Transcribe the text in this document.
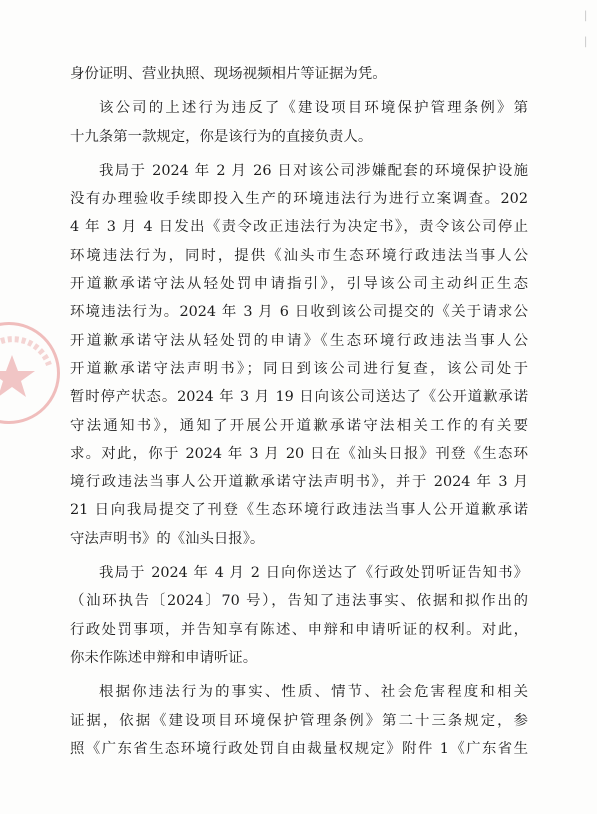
身份证明、营业执照、现场视频相片等证据为凭。
该公司的上述行为违反了《建设项目环境保护管理条例》第
十九条第一款规定，你是该行为的直接负责人。
我局于 2024 年 2 月 26 日对该公司涉嫌配套的环境保护设施
没有办理验收手续即投入生产的环境违法行为进行立案调查。202
4 年 3 月 4 日发出《责令改正违法行为决定书》，责令该公司停止
环境违法行为，同时，提供《汕头市生态环境行政违法当事人公
开道歉承诺守法从轻处罚申请指引》，引导该公司主动纠正生态
环境违法行为。2024 年 3 月 6 日收到该公司提交的《关于请求公
开道歉承诺守法从轻处罚的申请》《生态环境行政违法当事人公
开道歉承诺守法声明书》；同日到该公司进行复查，该公司处于
暂时停产状态。2024 年 3 月 19 日向该公司送达了《公开道歉承诺
守法通知书》，通知了开展公开道歉承诺守法相关工作的有关要
求。对此，你于 2024 年 3 月 20 日在《汕头日报》刊登《生态环
境行政违法当事人公开道歉承诺守法声明书》，并于 2024 年 3 月
21 日向我局提交了刊登《生态环境行政违法当事人公开道歉承诺
守法声明书》的《汕头日报》。
我局于 2024 年 4 月 2 日向你送达了《行政处罚听证告知书》
（汕环执告〔2024〕70 号），告知了违法事实、依据和拟作出的
行政处罚事项，并告知享有陈述、申辩和申请听证的权利。对此，
你未作陈述申辩和申请听证。
根据你违法行为的事实、性质、情节、社会危害程度和相关
证据，依据《建设项目环境保护管理条例》第二十三条规定，参
照《广东省生态环境行政处罚自由裁量权规定》附件 1《广东省生
│
│
